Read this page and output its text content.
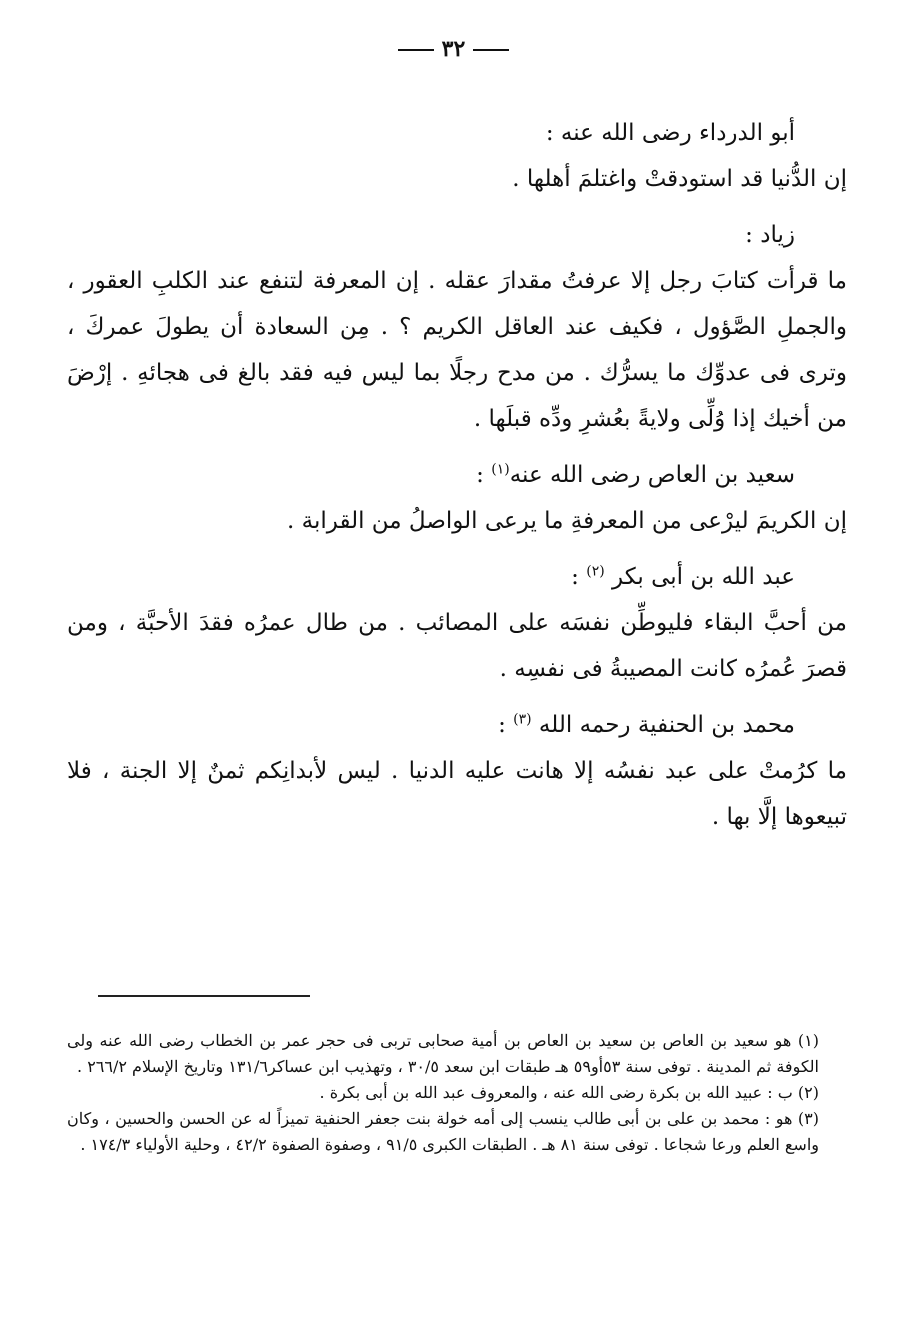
٣٢

أبو الدرداء رضى الله عنه :

إن الدُّنيا قد استودقتْ واغتلمَ أهلها .

زياد :

ما قرأت كتابَ رجل إلا عرفتُ مقدارَ عقله . إن المعرفة لتنفع عند الكلبِ العقور ، والجملِ الصَّؤول ، فكيف عند العاقل الكريم ؟ . مِن السعادة أن يطولَ عمركَ ، وترى فى عدوِّك ما يسرُّك . من مدح رجلًا بما ليس فيه فقد بالغ فى هجائهِ . إرْضَ من أخيك إذا وُلِّى ولايةً بعُشرِ ودِّه قبلَها .

سعيد بن العاص رضى الله عنه$^{(١)}$ :

إن الكريمَ ليرْعى من المعرفةِ ما يرعى الواصلُ من القرابة .

عبد الله بن أبى بكر $^{(٢)}$ :

من أحبَّ البقاء فليوطِّن نفسَه على المصائب . من طال عمرُه فقدَ الأحبَّة ، ومن قصرَ عُمرُه كانت المصيبةُ فى نفسِه .

محمد بن الحنفية رحمه الله $^{(٣)}$ :

ما كرُمتْ على عبد نفسُه إلا هانت عليه الدنيا . ليس لأبدانِكم ثمنٌ إلا الجنة ، فلا تبيعوها إلَّا بها .

(١) هو سعيد بن العاص بن سعيد بن العاص بن أمية صحابى تربى فى حجر عمر بن الخطاب رضى الله عنه ولى الكوفة ثم المدينة . توفى سنة ٥٣أو٥٩ هـ طبقات ابن سعد ٣٠/٥ ، وتهذيب ابن عساكر١٣١/٦ وتاريخ الإسلام ٢٦٦/٢ .

(٢) ب : عبيد الله بن بكرة رضى الله عنه ، والمعروف عبد الله بن أبى بكرة .

(٣) هو : محمد بن على بن أبى طالب ينسب إلى أمه خولة بنت جعفر الحنفية تميزاً له عن الحسن والحسين ، وكان واسع العلم ورعا شجاعا . توفى سنة ٨١ هـ . الطبقات الكبرى ٩١/٥ ، وصفوة الصفوة ٤٢/٢ ، وحلية الأولياء ١٧٤/٣ .
